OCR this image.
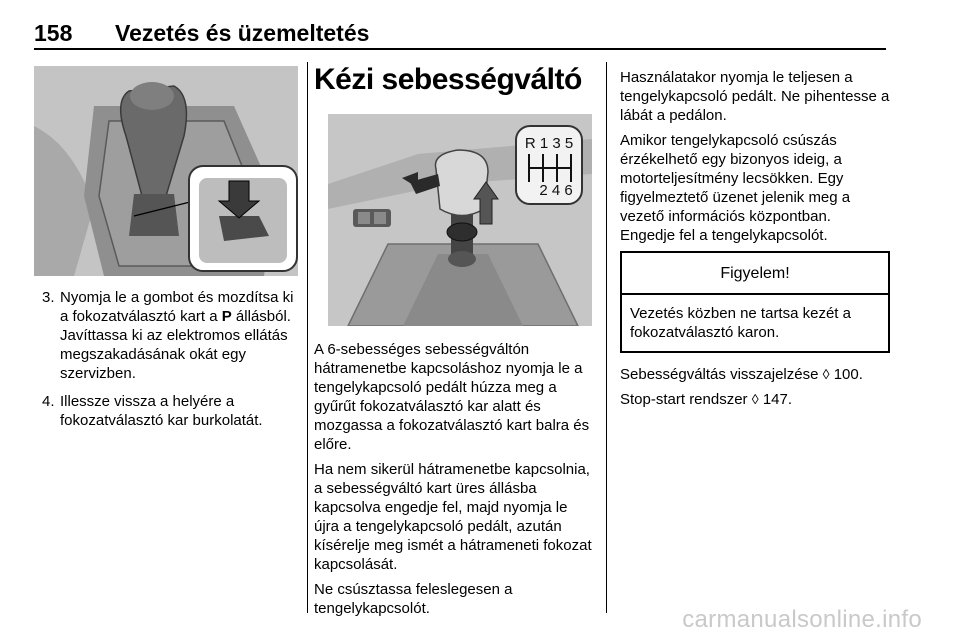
158 Vezetés és üzemeltetés
3. Nyomja le a gombot és mozdítsa ki a fokozatválasztó kart a P állásból. Javíttassa ki az elektromos ellátás megszakadásának okát egy szervizben.
4. Illessze vissza a helyére a fokozatválasztó kar burkolatát.
Kézi sebességváltó
R 1 3 5
2 4 6

A 6-sebességes sebességváltón hátramenetbe kapcsoláshoz nyomja le a tengelykapcsoló pedált húzza meg a gyűrűt fokozatválasztó kar alatt és mozgassa a fokozatválasztó kart balra és előre.

Ha nem sikerül hátramenetbe kapcsolnia, a sebességváltó kart üres állásba kapcsolva engedje fel, majd nyomja le újra a tengelykapcsoló pedált, azután kísérelje meg ismét a hátrameneti fokozat kapcsolását.

Ne csúsztassa feleslegesen a tengelykapcsolót.

Használatakor nyomja le teljesen a tengelykapcsoló pedált. Ne pihentesse a lábát a pedálon.

Amikor tengelykapcsoló csúszás érzékelhető egy bizonyos ideig, a motorteljesítmény lecsökken. Egy figyelmeztető üzenet jelenik meg a vezető információs központban. Engedje fel a tengelykapcsolót.

Figyelem!
Vezetés közben ne tartsa kezét a fokozatválasztó karon.

Sebességváltás visszajelzése ◊ 100.

Stop-start rendszer ◊ 147.

carmanualsonline.info
